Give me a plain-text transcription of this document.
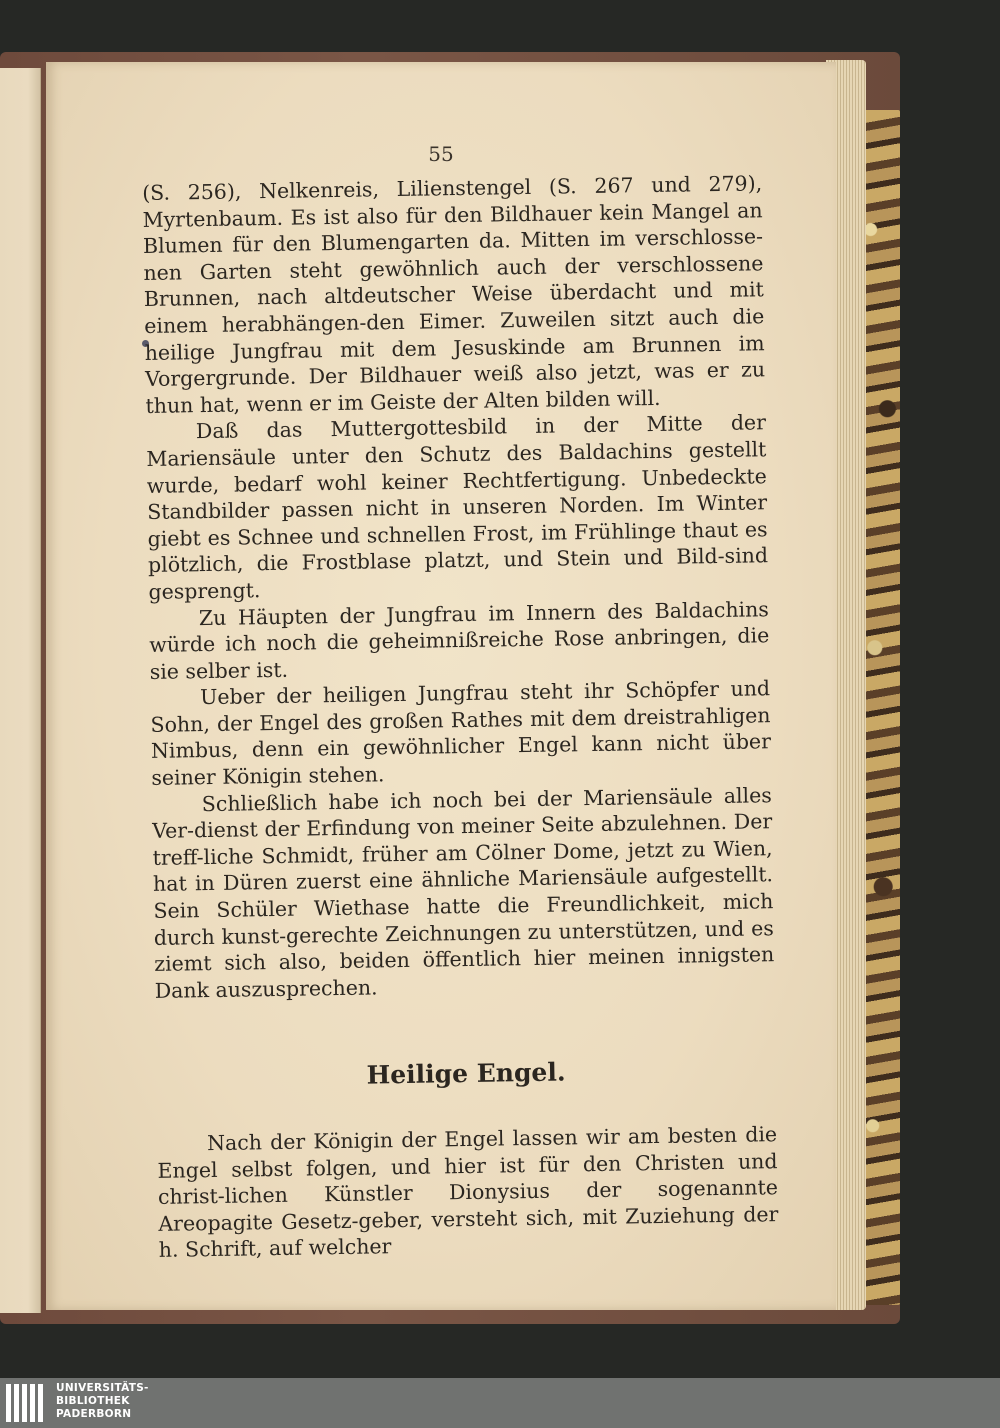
55

(S. 256), Nelkenreis, Lilienstengel (S. 267 und 279), Myrtenbaum. Es ist also für den Bildhauer kein Mangel an Blumen für den Blumengarten da. Mitten im verschlosse-nen Garten steht gewöhnlich auch der verschlossene Brunnen, nach altdeutscher Weise überdacht und mit einem herabhängen-den Eimer. Zuweilen sitzt auch die heilige Jungfrau mit dem Jesuskinde am Brunnen im Vorgergrunde. Der Bildhauer weiß also jetzt, was er zu thun hat, wenn er im Geiste der Alten bilden will.

Daß das Muttergottesbild in der Mitte der Mariensäule unter den Schutz des Baldachins gestellt wurde, bedarf wohl keiner Rechtfertigung. Unbedeckte Standbilder passen nicht in unseren Norden. Im Winter giebt es Schnee und schnellen Frost, im Frühlinge thaut es plötzlich, die Frostblase platzt, und Stein und Bild-sind gesprengt.

Zu Häupten der Jungfrau im Innern des Baldachins würde ich noch die geheimnißreiche Rose anbringen, die sie selber ist.

Ueber der heiligen Jungfrau steht ihr Schöpfer und Sohn, der Engel des großen Rathes mit dem dreistrahligen Nimbus, denn ein gewöhnlicher Engel kann nicht über seiner Königin stehen.

Schließlich habe ich noch bei der Mariensäule alles Ver-dienst der Erfindung von meiner Seite abzulehnen. Der treff-liche Schmidt, früher am Cölner Dome, jetzt zu Wien, hat in Düren zuerst eine ähnliche Mariensäule aufgestellt. Sein Schüler Wiethase hatte die Freundlichkeit, mich durch kunst-gerechte Zeichnungen zu unterstützen, und es ziemt sich also, beiden öffentlich hier meinen innigsten Dank auszusprechen.

Heilige Engel.

Nach der Königin der Engel lassen wir am besten die Engel selbst folgen, und hier ist für den Christen und christ-lichen Künstler Dionysius der sogenannte Areopagite Gesetz-geber, versteht sich, mit Zuziehung der h. Schrift, auf welcher

UNIVERSITÄTS-
BIBLIOTHEK
PADERBORN
